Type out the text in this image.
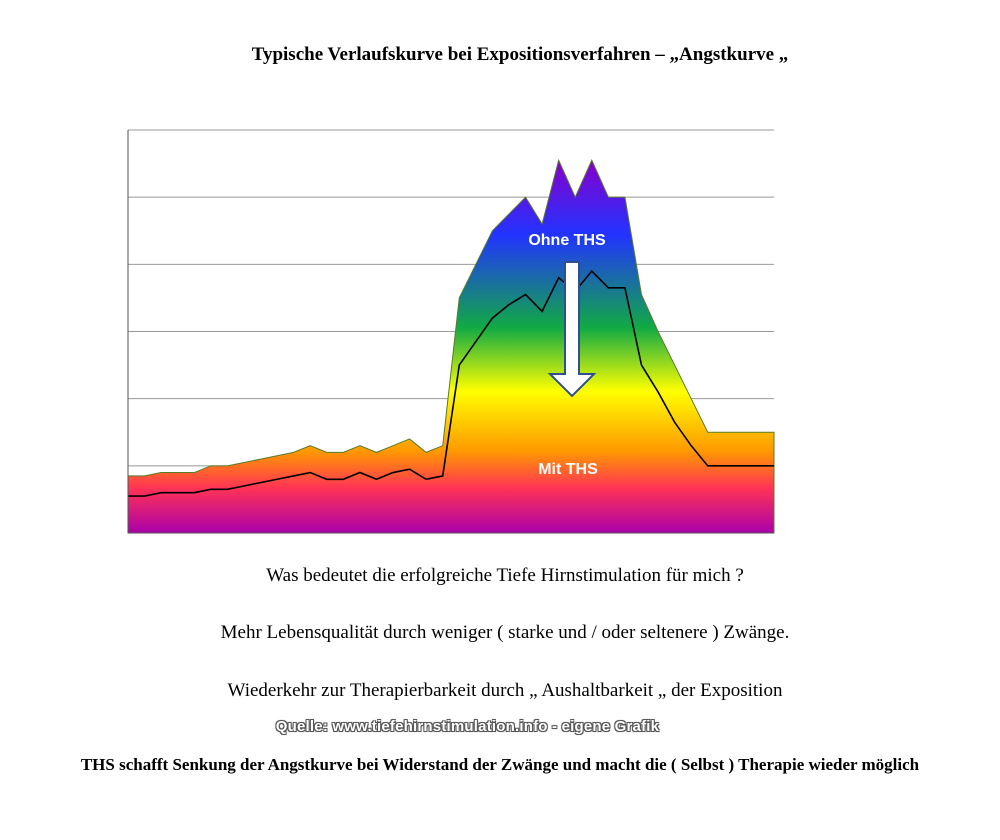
Typische Verlaufskurve bei Expositionsverfahren – „Angstkurve „
Ohne THS
Mit THS
Was bedeutet die erfolgreiche Tiefe Hirnstimulation für mich ?
Mehr Lebensqualität durch weniger ( starke und / oder seltenere ) Zwänge.
Wiederkehr zur Therapierbarkeit durch „ Aushaltbarkeit „ der Exposition
Quelle: www.tiefehirnstimulation.info - eigene Grafik
THS schafft Senkung der Angstkurve bei Widerstand der Zwänge und macht die ( Selbst ) Therapie wieder möglich
